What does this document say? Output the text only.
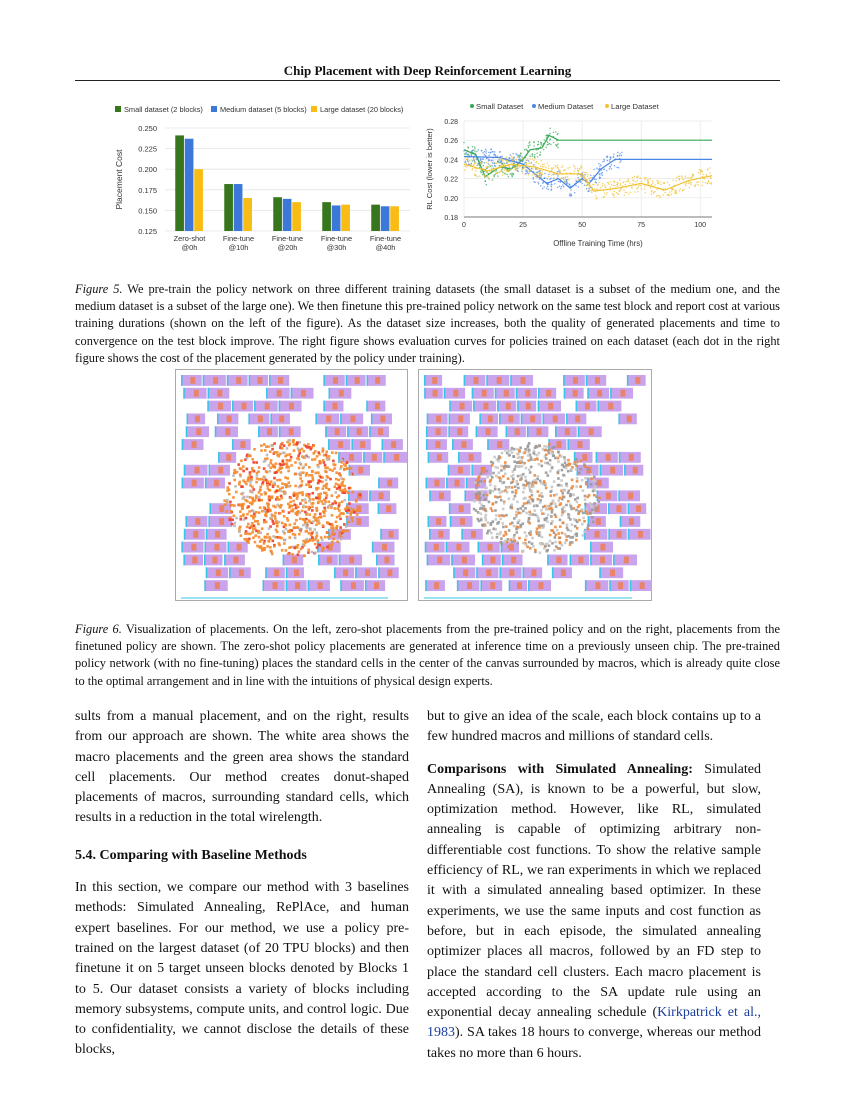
Chip Placement with Deep Reinforcement Learning
Small dataset (2 blocks) Medium dataset (5 blocks) Large dataset (20 blocks)
0.125
0.150
0.175
0.200
0.225
0.250
Placement Cost
Zero-shot
@0h
Fine-tune
@10h
Fine-tune
@20h
Fine-tune
@30h
Fine-tune
@40h
Small Dataset Medium Dataset Large Dataset
0.18
0.20
0.22
0.24
0.26
0.28
0	25	50	75	100
RL Cost (lower is better)
Offline Training Time (hrs)
Figure 5. We pre-train the policy network on three different training datasets (the small dataset is a subset of the medium one, and the medium dataset is a subset of the large one). We then finetune this pre-trained policy network on the same test block and report cost at various training durations (shown on the left of the figure). As the dataset size increases, both the quality of generated placements and time to convergence on the test block improve. The right figure shows evaluation curves for policies trained on each dataset (each dot in the right figure shows the cost of the placement generated by the policy under training).
Figure 6. Visualization of placements. On the left, zero-shot placements from the pre-trained policy and on the right, placements from the finetuned policy are shown. The zero-shot policy placements are generated at inference time on a previously unseen chip. The pre-trained policy network (with no fine-tuning) places the standard cells in the center of the canvas surrounded by macros, which is already quite close to the optimal arrangement and in line with the intuitions of physical design experts.

sults from a manual placement, and on the right, results from our approach are shown. The white area shows the macro placements and the green area shows the standard cell placements. Our method creates donut-shaped placements of macros, surrounding standard cells, which results in a reduction in the total wirelength.

5.4. Comparing with Baseline Methods

In this section, we compare our method with 3 baselines methods: Simulated Annealing, RePlAce, and human expert baselines. For our method, we use a policy pre-trained on the largest dataset (of 20 TPU blocks) and then finetune it on 5 target unseen blocks denoted by Blocks 1 to 5. Our dataset consists a variety of blocks including memory subsystems, compute units, and control logic. Due to confidentiality, we cannot disclose the details of these blocks,

but to give an idea of the scale, each block contains up to a few hundred macros and millions of standard cells.

Comparisons with Simulated Annealing: Simulated Annealing (SA), is known to be a powerful, but slow, optimization method. However, like RL, simulated annealing is capable of optimizing arbitrary non-differentiable cost functions. To show the relative sample efficiency of RL, we ran experiments in which we replaced it with a simulated annealing based optimizer. In these experiments, we use the same inputs and cost function as before, but in each episode, the simulated annealing optimizer places all macros, followed by an FD step to place the standard cell clusters. Each macro placement is accepted according to the SA update rule using an exponential decay annealing schedule (Kirkpatrick et al., 1983). SA takes 18 hours to converge, whereas our method takes no more than 6 hours.
